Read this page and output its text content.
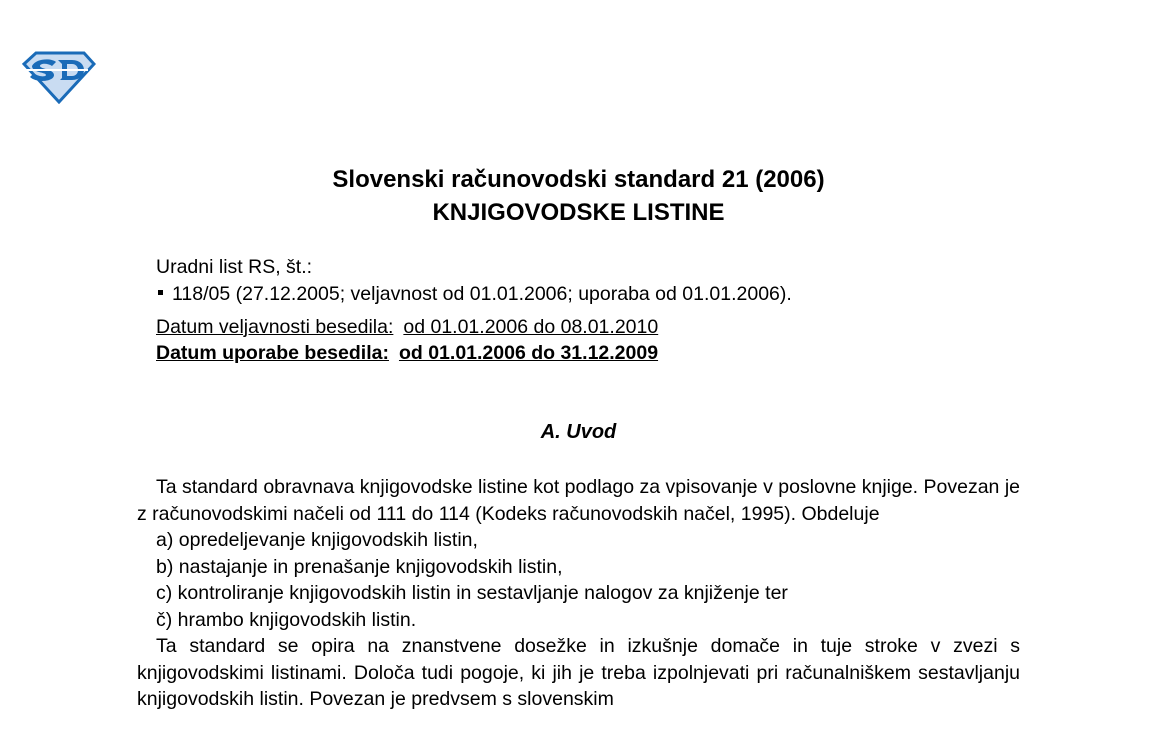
Slovenski računovodski standard 21 (2006)
KNJIGOVODSKE LISTINE
Uradni list RS, št.:
118/05 (27.12.2005; veljavnost od 01.01.2006; uporaba od 01.01.2006).
Datum veljavnosti besedila: od 01.01.2006 do 08.01.2010
Datum uporabe besedila: od 01.01.2006 do 31.12.2009
A. Uvod
Ta standard obravnava knjigovodske listine kot podlago za vpisovanje v poslovne knjige. Povezan je z računovodskimi načeli od 111 do 114 (Kodeks računovodskih načel, 1995). Obdeluje
a) opredeljevanje knjigovodskih listin,
b) nastajanje in prenašanje knjigovodskih listin,
c) kontroliranje knjigovodskih listin in sestavljanje nalogov za knjiženje ter
č) hrambo knjigovodskih listin.
Ta standard se opira na znanstvene dosežke in izkušnje domače in tuje stroke v zvezi s knjigovodskimi listinami. Določa tudi pogoje, ki jih je treba izpolnjevati pri računalniškem sestavljanju knjigovodskih listin. Povezan je predvsem s slovenskim
